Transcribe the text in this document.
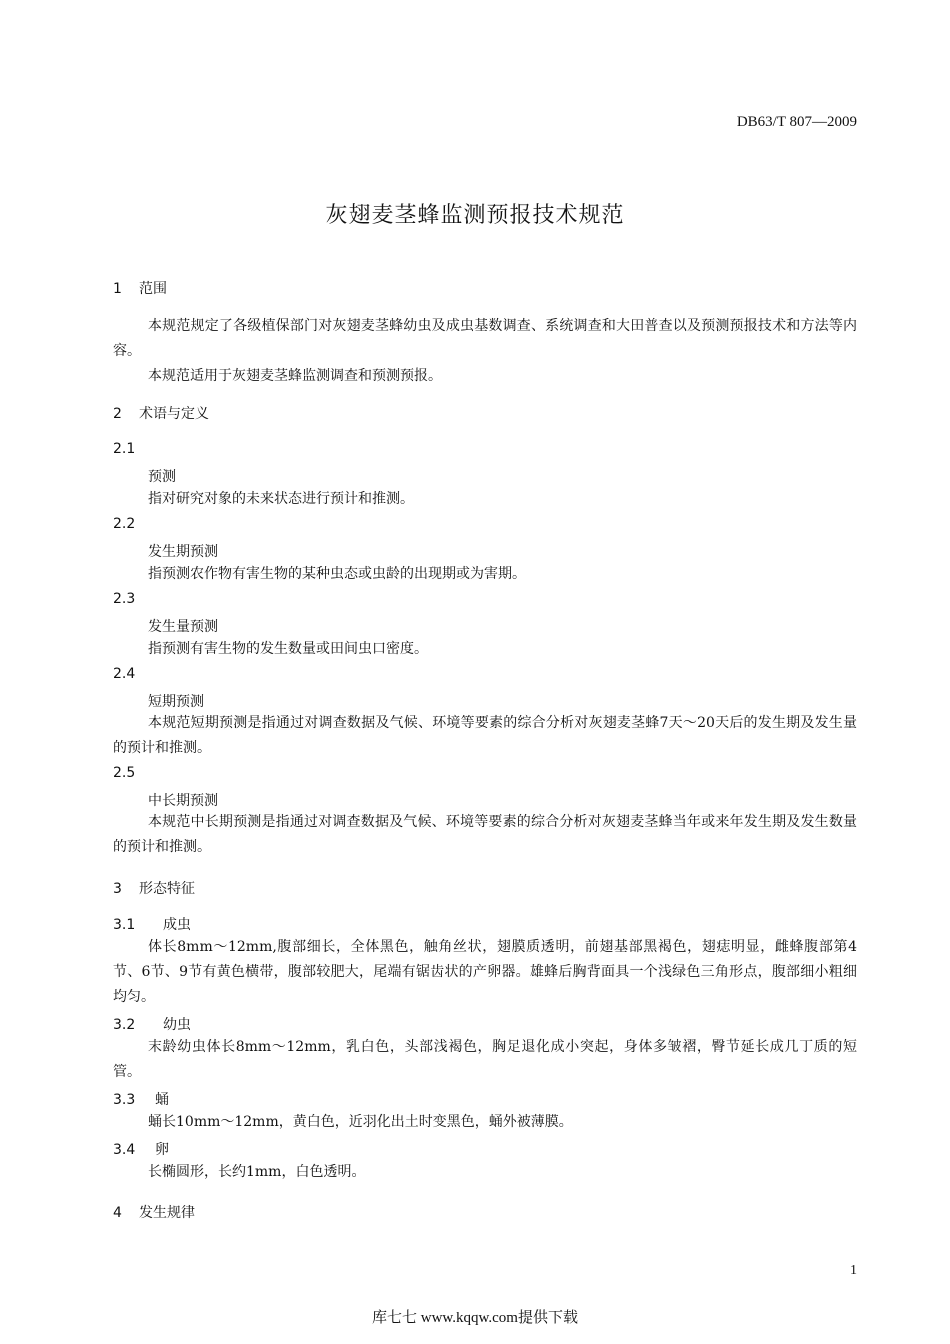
DB63/T 807—2009
灰翅麦茎蜂监测预报技术规范
1 范围
本规范规定了各级植保部门对灰翅麦茎蜂幼虫及成虫基数调查、系统调查和大田普查以及预测预报技术和方法等内容。
本规范适用于灰翅麦茎蜂监测调查和预测预报。
2 术语与定义
2.1
预测
指对研究对象的未来状态进行预计和推测。
2.2
发生期预测
指预测农作物有害生物的某种虫态或虫龄的出现期或为害期。
2.3
发生量预测
指预测有害生物的发生数量或田间虫口密度。
2.4
短期预测
本规范短期预测是指通过对调查数据及气候、环境等要素的综合分析对灰翅麦茎蜂7天～20天后的发生期及发生量的预计和推测。
2.5
中长期预测
本规范中长期预测是指通过对调查数据及气候、环境等要素的综合分析对灰翅麦茎蜂当年或来年发生期及发生数量的预计和推测。
3 形态特征
3.1 成虫
体长8mm～12mm,腹部细长，全体黑色，触角丝状，翅膜质透明，前翅基部黑褐色，翅痣明显，雌蜂腹部第4节、6节、9节有黄色横带，腹部较肥大，尾端有锯齿状的产卵器。雄蜂后胸背面具一个浅绿色三角形点，腹部细小粗细均匀。
3.2 幼虫
末龄幼虫体长8mm～12mm，乳白色，头部浅褐色，胸足退化成小突起，身体多皱褶，臀节延长成几丁质的短管。
3.3 蛹
蛹长10mm～12mm，黄白色，近羽化出土时变黑色，蛹外被薄膜。
3.4 卵
长椭圆形，长约1mm，白色透明。
4 发生规律
1
库七七 www.kqqw.com提供下载
